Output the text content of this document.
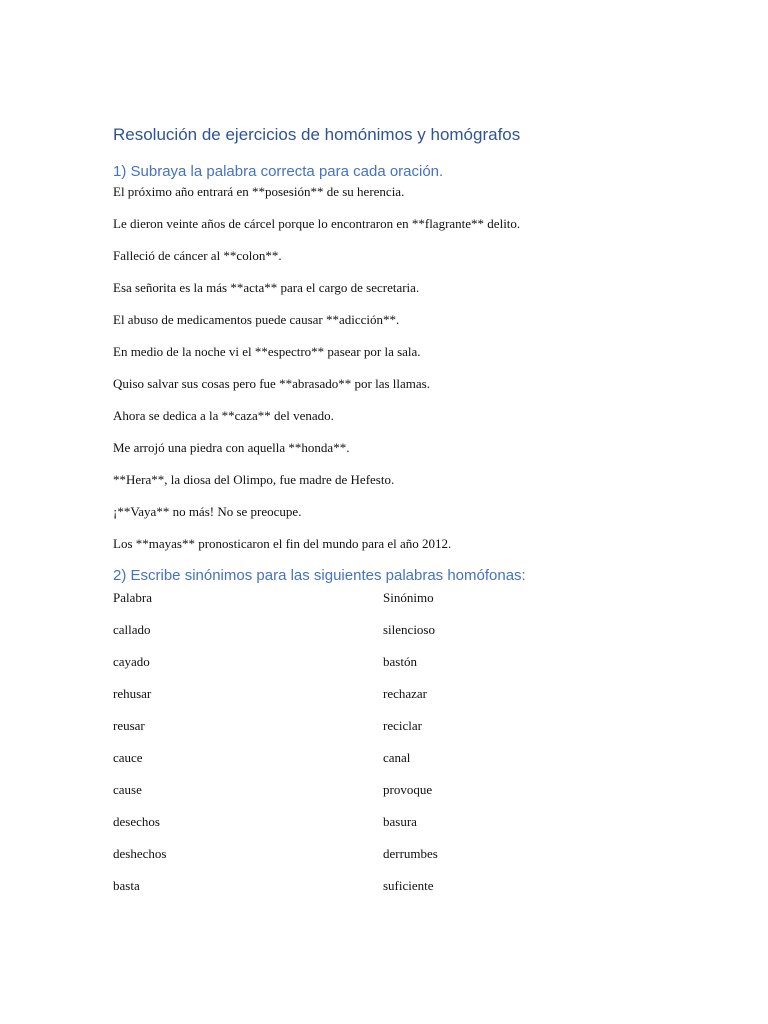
Resolución de ejercicios de homónimos y homógrafos
1) Subraya la palabra correcta para cada oración.

El próximo año entrará en **posesión** de su herencia.

Le dieron veinte años de cárcel porque lo encontraron en **flagrante** delito.

Falleció de cáncer al **colon**.

Esa señorita es la más **acta** para el cargo de secretaria.

El abuso de medicamentos puede causar **adicción**.

En medio de la noche vi el **espectro** pasear por la sala.

Quiso salvar sus cosas pero fue **abrasado** por las llamas.

Ahora se dedica a la **caza** del venado.

Me arrojó una piedra con aquella **honda**.

**Hera**, la diosa del Olimpo, fue madre de Hefesto.

¡**Vaya** no más! No se preocupe.

Los **mayas** pronosticaron el fin del mundo para el año 2012.

2) Escribe sinónimos para las siguientes palabras homófonas:
Palabra	Sinónimo
callado	silencioso
cayado	bastón
rehusar	rechazar
reusar	reciclar
cauce	canal
cause	provoque
desechos	basura
deshechos	derrumbes
basta	suficiente
